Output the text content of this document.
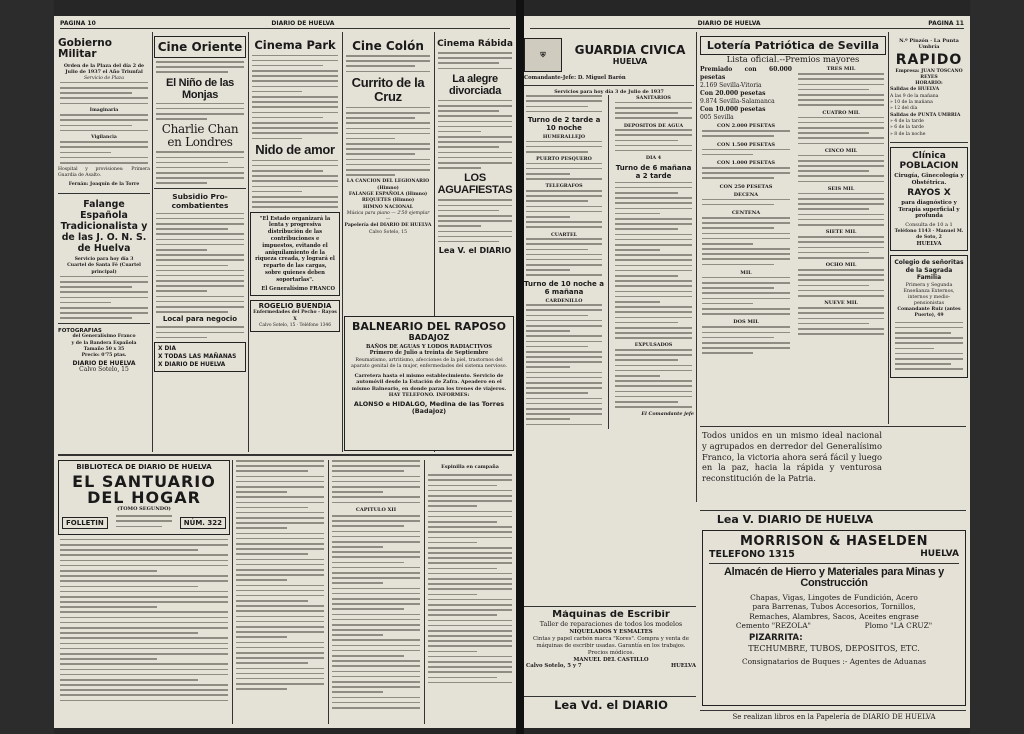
PAGINA 10	DIARIO DE HUELVA
Gobierno Militar
Orden de la Plaza del día 2 de Julio de 1937 el Año Triunfal
Servicio de Plaza
Imaginaria
Vigilancia
Hospital y provisiones: Primera Guardia de Asalto.
Fernán: Joaquín de la Torre
Falange Española Tradicionalista y de las J. O. N. S. de Huelva
Servicio para hoy día 3
Cuartel de Santa Fé (Cuartel principal)
FOTOGRAFIAS
del Generalísimo Franco
y de la Bandera Española
Tamaño 50 x 35
Precio: 0'75 ptas.
DIARIO DE HUELVA
Calvo Sotelo, 15
Cine Oriente
El Niño de las Monjas
Charlie Chan en Londres
Subsidio Pro-combatientes
Local para negocio
X DIA
X TODAS LAS MAÑANAS
X DIARIO DE HUELVA
Cinema Park
Nido de amor
"El Estado organizará la lenta y progresiva distribución de las contribuciones e impuestos, evitando el aniquilamiento de la riqueza creada, y logrará el reparto de las cargas, sobre quienes deben soportarlas".
El Generalísimo FRANCO
ROGELIO BUENDIA
Enfermedades del Pecho - Rayos X
Calvo Sotelo, 15 · Teléfono 1346
Cine Colón
Currito de la Cruz
LA CANCION DEL LEGIONARIO (Himno)
FALANGE ESPAÑOLA (Himno)
REQUETES (Himno)
HIMNO NACIONAL
Música para piano — 2'50 ejemplar —
Papelería del DIARIO DE HUELVA
Calvo Sotelo, 15
Cinema Rábida
La alegre divorciada
LOS AGUAFIESTAS
Lea V. el DIARIO
BALNEARIO DEL RAPOSO
BADAJOZ
BAÑOS DE AGUAS Y LODOS RADIACTIVOS
Primero de Julio a treinta de Septiembre
Reumatismo, artritismo, afecciones de la piel, trastornos del aparato genital de la mujer, enfermedades del sistema nervioso.
Carretera hasta el mismo establecimiento. Servicio de automóvil desde la Estación de Zafra. Apeadero en el mismo Balneario, en donde paran los trenes de viajeros. HAY TELEFONO. INFORMES:
ALONSO e HIDALGO, Medina de las Torres (Badajoz)
BIBLIOTECA DE DIARIO DE HUELVA
EL SANTUARIO
DEL HOGAR
(TOMO SEGUNDO)
FOLLETIN	NÚM. 322
CAPITULO XII
Espinilla en campaña
DIARIO DE HUELVA	PAGINA 11
⛨	GUARDIA CIVICA
HUELVA
Comandante-Jefe: D. Miguel Barón
Servicios para hoy día 3 de Julio de 1937
Turno de 2 tarde a 10 noche
HUMERALLEJO
PUERTO PESQUERO
TELEGRAFOS
CUARTEL
Turno de 10 noche a 6 mañana
CARDENILLO
SANITARIOS
DEPOSITOS DE AGUA
DIA 4
Turno de 6 mañana a 2 tarde
EXPULSADOS
El Comandante jefe
Lotería Patriótica de Sevilla
Lista oficial.--Premios mayores
Premiado con 60.000 pesetas
2.169 Sevilla-Vitoria
Con 20.000 pesetas
9.874 Sevilla-Salamanca
Con 10.000 pesetas
005 Sevilla
CON 2.000 PESETAS
CON 1.500 PESETAS
CON 1.000 PESETAS
CON 250 PESETAS
DECENA
CENTENA
MIL
DOS MIL
TRES MIL
CUATRO MIL
CINCO MIL
SEIS MIL
SIETE MIL
OCHO MIL
NUEVE MIL
N.º Pinzón · La Punta Umbría
RAPIDO
Empresa: JUAN TOSCANO REYES
HORARIO:
Salidas de HUELVA
A las 9 de la mañana
» 10 de la mañana
» 12 del día
Salidas de PUNTA UMBRIA
» 4 de la tarde
» 6 de la tarde
» 8 de la noche
Clínica POBLACION
Cirugía, Ginecología y Obstétrica.
RAYOS X
para diagnóstico y Terapia superficial y profunda
Consulta de 10 a 1
Teléfono 1143 · Manuel M. de Soto, 2
HUELVA
Colegio de señoritas de la Sagrada Familia
Primera y Segunda Enseñanza Externos, internos y medio-pensionistas
Comandante Ruiz (antes Puerto), 49
Todos unidos en un mismo ideal nacional y agrupados en derredor del Generalísimo Franco, la victoria ahora será fácil y luego en la paz, hacia la rápida y venturosa reconstitución de la Patria.
Lea V. DIARIO DE HUELVA
MORRISON & HASELDEN
TELEFONO 1315	HUELVA
Almacén de Hierro y Materiales para Minas y Construcción
Chapas, Vigas, Lingotes de Fundición, Acero
para Barrenas, Tubos Accesorios, Tornillos,
Remaches, Alambres, Sacos, Aceites engrase
Cemento "REZOLA"	Plomo "LA CRUZ"
PIZARRITA:
TECHUMBRE, TUBOS, DEPOSITOS, ETC.
Consignatarios de Buques :- Agentes de Aduanas
Máquinas de Escribir
Taller de reparaciones de todos los modelos
NIQUELADOS Y ESMALTES
Cintas y papel carbón marca "Kores". Compra y venta de máquinas de escribir usadas. Garantía en los trabajos. Precios módicos.
MANUEL DEL CASTILLO
Calvo Sotelo, 5 y 7	HUELVA
Lea Vd. el DIARIO
Se realizan libros en la Papelería de DIARIO DE HUELVA
